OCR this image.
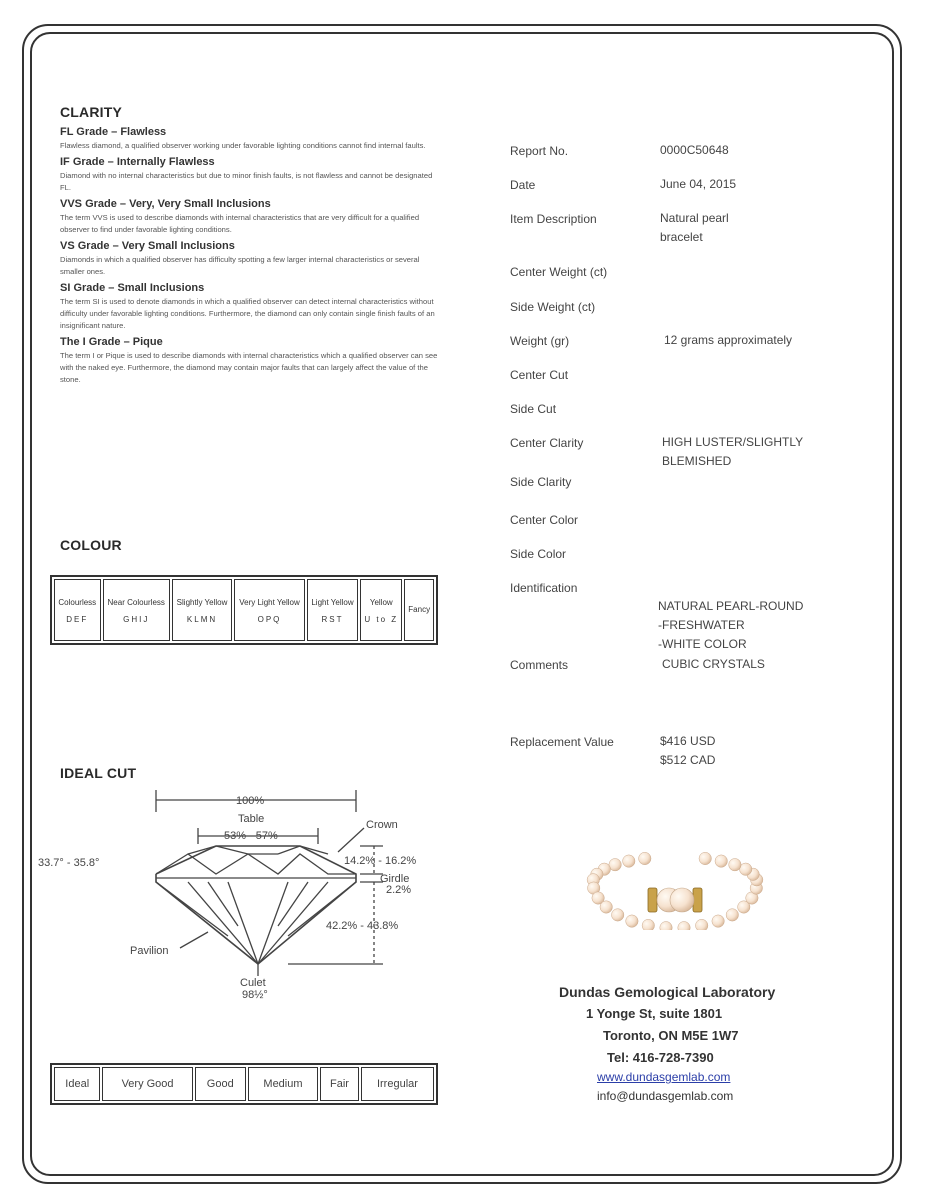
CLARITY
FL Grade – Flawless
Flawless diamond, a qualified observer working under favorable lighting conditions cannot find internal faults.
IF Grade – Internally Flawless
Diamond with no internal characteristics but due to minor finish faults, is not flawless and cannot be designated FL.
VVS Grade – Very, Very Small Inclusions
The term VVS is used to describe diamonds with internal characteristics that are very difficult for a qualified observer to find under favorable lighting conditions.
VS Grade – Very Small Inclusions
Diamonds in which a qualified observer has difficulty spotting a few larger internal characteristics or several smaller ones.
SI Grade – Small Inclusions
The term SI is used to denote diamonds in which a qualified observer can detect internal characteristics without difficulty under favorable lighting conditions. Furthermore, the diamond can only contain single finish faults of an insignificant nature.
The I Grade – Pique
The term I or Pique is used to describe diamonds with internal characteristics which a qualified observer can see with the naked eye. Furthermore, the diamond may contain major faults that can largely affect the value of the stone.
COLOUR
Colourless
DEF

Near Colourless
GHIJ

Slightly Yellow
KLMN

Very Light Yellow
OPQ

Light Yellow
RST

Yellow
U to Z

Fancy
IDEAL CUT
100%
Table
53% - 57%
Crown
33.7° - 35.8°	14.2% - 16.2%
Girdle
2.2%
42.2% - 43.8%
Pavilion
Culet
98½°
Ideal	Very Good	Good	Medium	Fair	Irregular
Report No.	0000C50648
Date	June 04, 2015
Item Description	Natural pearl
bracelet
Center Weight (ct)
Side Weight (ct)
Weight (gr)	12 grams approximately
Center Cut
Side Cut
Center Clarity	HIGH LUSTER/SLIGHTLY
BLEMISHED
Side Clarity
Center Color
Side Color
Identification
NATURAL PEARL-ROUND
-FRESHWATER
-WHITE COLOR
Comments	CUBIC CRYSTALS
Replacement Value	$416 USD
$512 CAD
Dundas Gemological Laboratory
1 Yonge St, suite 1801
Toronto, ON M5E 1W7
Tel: 416-728-7390
www.dundasgemlab.com
info@dundasgemlab.com
